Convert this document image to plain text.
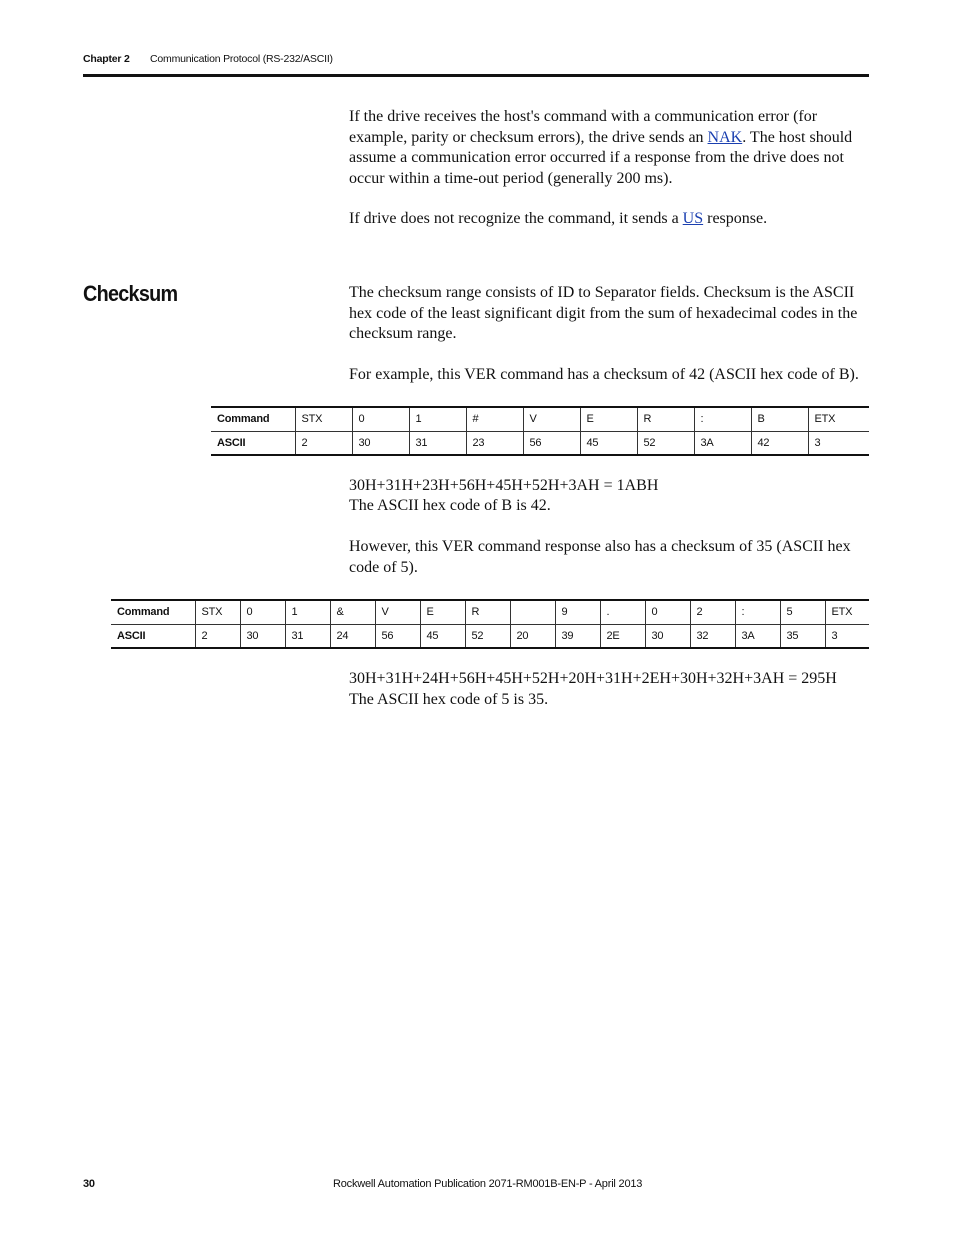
Chapter 2 Communication Protocol (RS-232/ASCII)

If the drive receives the host's command with a communication error (for example, parity or checksum errors), the drive sends an NAK. The host should assume a communication error occurred if a response from the drive does not occur within a time-out period (generally 200 ms).

If drive does not recognize the command, it sends a US response.

Checksum	The checksum range consists of ID to Separator fields. Checksum is the ASCII hex code of the least significant digit from the sum of hexadecimal codes in the checksum range.

For example, this VER command has a checksum of 42 (ASCII hex code of B).

Command	STX	0	1	#	V	E	R	:	B	ETX
ASCII	2	30	31	23	56	45	52	3A	42	3

30H+31H+23H+56H+45H+52H+3AH = 1ABH

The ASCII hex code of B is 42.

However, this VER command response also has a checksum of 35 (ASCII hex code of 5).

Command	STX	0	1	&	V	E	R		9	.	0	2	:	5	ETX
ASCII	2	30	31	24	56	45	52	20	39	2E	30	32	3A	35	3

30H+31H+24H+56H+45H+52H+20H+31H+2EH+30H+32H+3AH = 295H

The ASCII hex code of 5 is 35.

30	Rockwell Automation Publication 2071-RM001B-EN-P - April 2013
